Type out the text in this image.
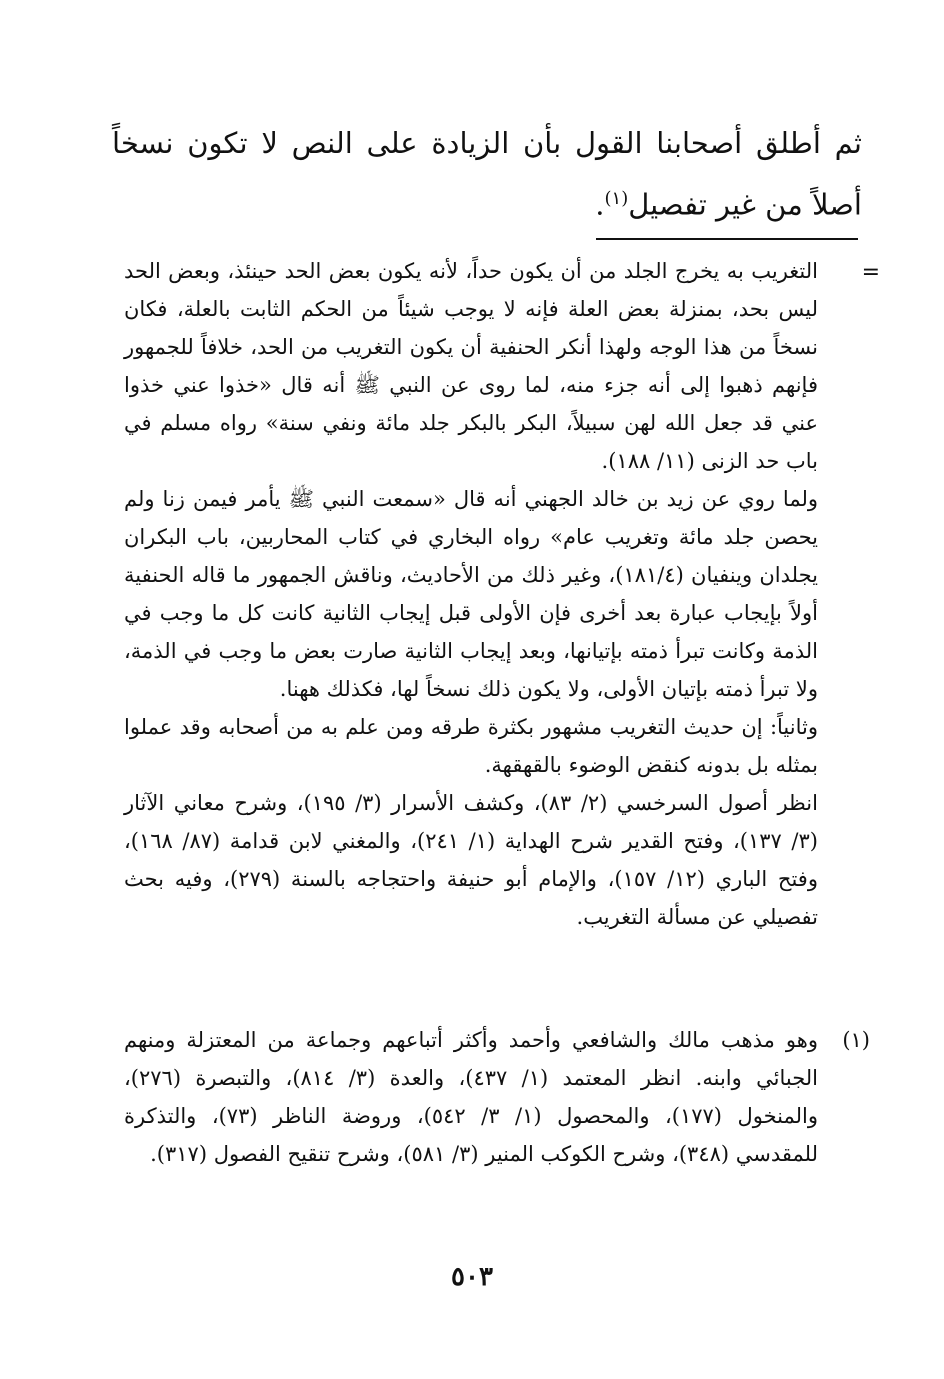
ثم أطلق أصحابنا القول بأن الزيادة على النص لا تكون نسخاً أصلاً من غير تفصيل$^{(١)}$.

=

التغريب به يخرج الجلد من أن يكون حداً، لأنه يكون بعض الحد حينئذ، وبعض الحد ليس بحد، بمنزلة بعض العلة فإنه لا يوجب شيئاً من الحكم الثابت بالعلة، فكان نسخاً من هذا الوجه ولهذا أنكر الحنفية أن يكون التغريب من الحد، خلافاً للجمهور فإنهم ذهبوا إلى أنه جزء منه، لما روى عن النبي ﷺ أنه قال «خذوا عني خذوا عني قد جعل الله لهن سبيلاً، البكر بالبكر جلد مائة ونفي سنة» رواه مسلم في باب حد الزنى (١١/ ١٨٨).

ولما روي عن زيد بن خالد الجهني أنه قال «سمعت النبي ﷺ يأمر فيمن زنا ولم يحصن جلد مائة وتغريب عام» رواه البخاري في كتاب المحاربين، باب البكران يجلدان وينفيان (١٨١/٤)، وغير ذلك من الأحاديث، وناقش الجمهور ما قاله الحنفية أولاً بإيجاب عبارة بعد أخرى فإن الأولى قبل إيجاب الثانية كانت كل ما وجب في الذمة وكانت تبرأ ذمته بإتيانها، وبعد إيجاب الثانية صارت بعض ما وجب في الذمة، ولا تبرأ ذمته بإتيان الأولى، ولا يكون ذلك نسخاً لها، فكذلك ههنا.

وثانياً: إن حديث التغريب مشهور بكثرة طرقه ومن علم به من أصحابه وقد عملوا بمثله بل بدونه كنقض الوضوء بالقهقهة.

انظر أصول السرخسي (٢/ ٨٣)، وكشف الأسرار (٣/ ١٩٥)، وشرح معاني الآثار (٣/ ١٣٧)، وفتح القدير شرح الهداية (١/ ٢٤١)، والمغني لابن قدامة (٨٧/ ١٦٨)، وفتح الباري (١٢/ ١٥٧)، والإمام أبو حنيفة واحتجاجه بالسنة (٢٧٩)، وفيه بحث تفصيلي عن مسألة التغريب.

(١)

وهو مذهب مالك والشافعي وأحمد وأكثر أتباعهم وجماعة من المعتزلة ومنهم الجبائي وابنه. انظر المعتمد (١/ ٤٣٧)، والعدة (٣/ ٨١٤)، والتبصرة (٢٧٦)، والمنخول (١٧٧)، والمحصول (١/ ٣/ ٥٤٢)، وروضة الناظر (٧٣)، والتذكرة للمقدسي (٣٤٨)، وشرح الكوكب المنير (٣/ ٥٨١)، وشرح تنقيح الفصول (٣١٧).

٥٠٣
